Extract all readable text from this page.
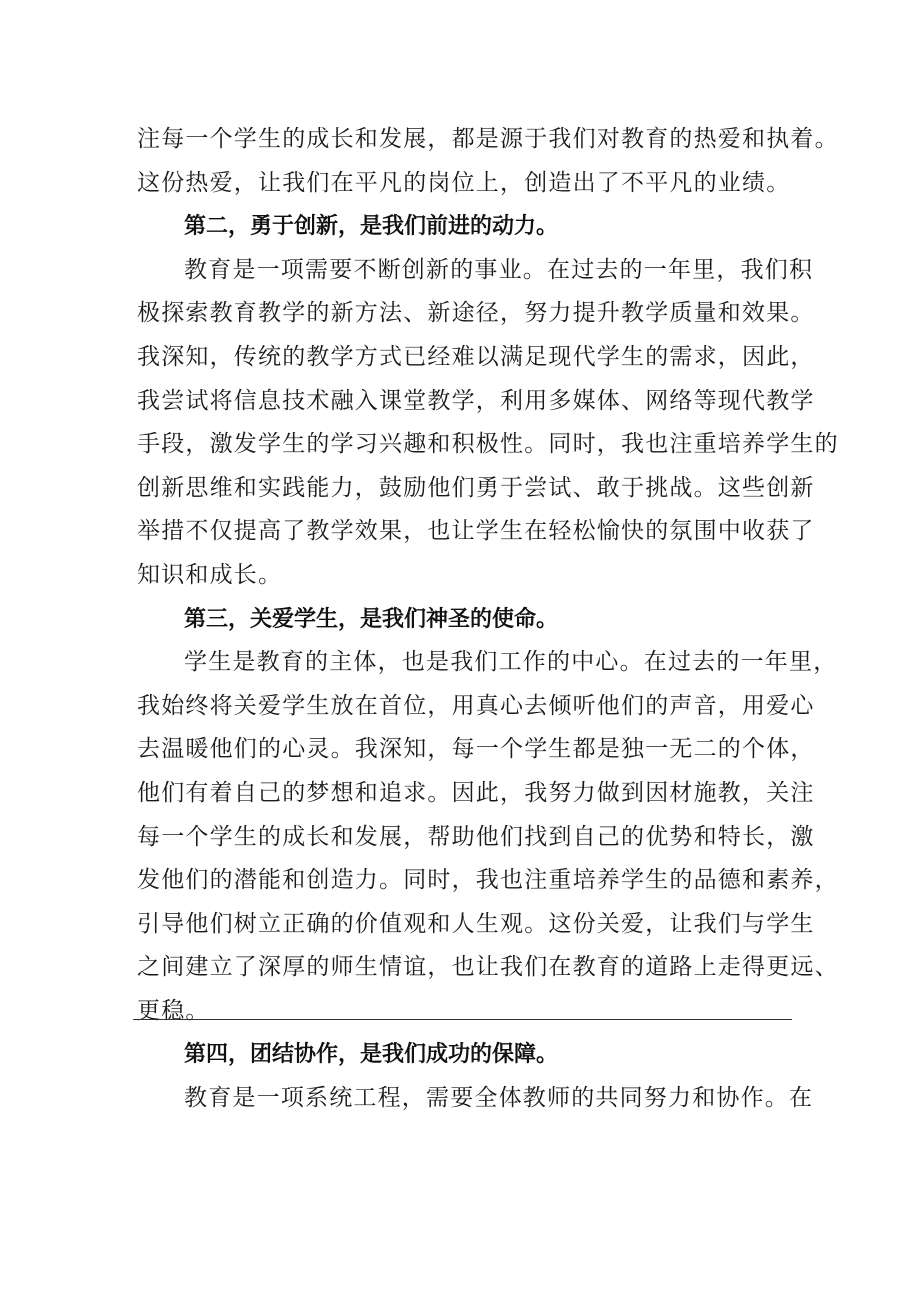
注每一个学生的成长和发展，都是源于我们对教育的热爱和执着。
这份热爱，让我们在平凡的岗位上，创造出了不平凡的业绩。
第二，勇于创新，是我们前进的动力。
教育是一项需要不断创新的事业。在过去的一年里，我们积
极探索教育教学的新方法、新途径，努力提升教学质量和效果。
我深知，传统的教学方式已经难以满足现代学生的需求，因此，
我尝试将信息技术融入课堂教学，利用多媒体、网络等现代教学
手段，激发学生的学习兴趣和积极性。同时，我也注重培养学生的
创新思维和实践能力，鼓励他们勇于尝试、敢于挑战。这些创新
举措不仅提高了教学效果，也让学生在轻松愉快的氛围中收获了
知识和成长。
第三，关爱学生，是我们神圣的使命。
学生是教育的主体，也是我们工作的中心。在过去的一年里，
我始终将关爱学生放在首位，用真心去倾听他们的声音，用爱心
去温暖他们的心灵。我深知，每一个学生都是独一无二的个体，
他们有着自己的梦想和追求。因此，我努力做到因材施教，关注
每一个学生的成长和发展，帮助他们找到自己的优势和特长，激
发他们的潜能和创造力。同时，我也注重培养学生的品德和素养，
引导他们树立正确的价值观和人生观。这份关爱，让我们与学生
之间建立了深厚的师生情谊，也让我们在教育的道路上走得更远、
更稳。
第四，团结协作，是我们成功的保障。
教育是一项系统工程，需要全体教师的共同努力和协作。在
